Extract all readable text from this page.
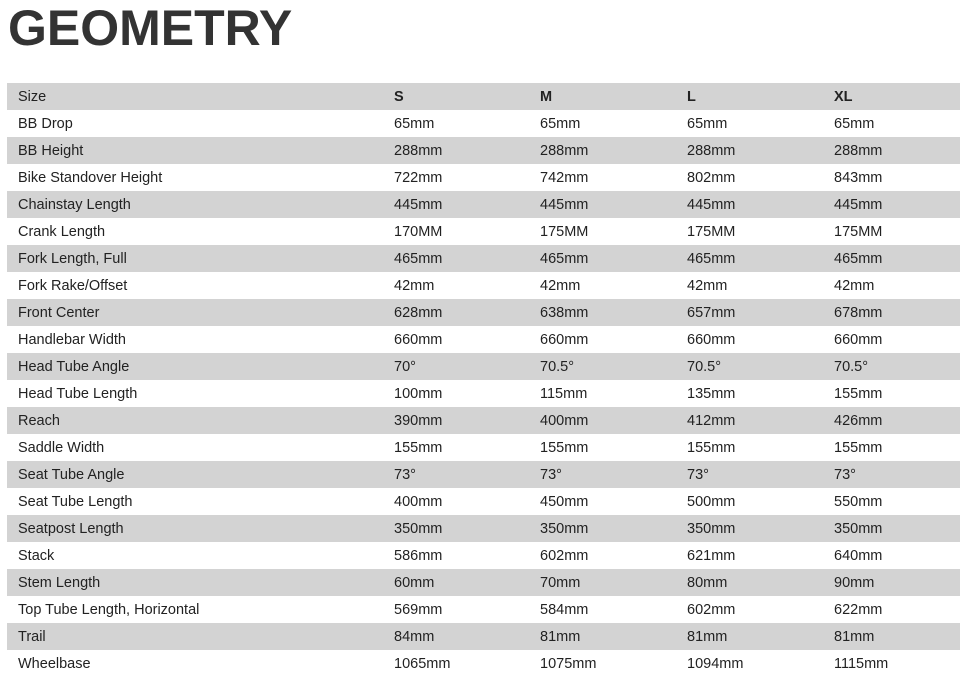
GEOMETRY
Size	S	M	L	XL
BB Drop	65mm	65mm	65mm	65mm
BB Height	288mm	288mm	288mm	288mm
Bike Standover Height	722mm	742mm	802mm	843mm
Chainstay Length	445mm	445mm	445mm	445mm
Crank Length	170MM	175MM	175MM	175MM
Fork Length, Full	465mm	465mm	465mm	465mm
Fork Rake/Offset	42mm	42mm	42mm	42mm
Front Center	628mm	638mm	657mm	678mm
Handlebar Width	660mm	660mm	660mm	660mm
Head Tube Angle	70°	70.5°	70.5°	70.5°
Head Tube Length	100mm	115mm	135mm	155mm
Reach	390mm	400mm	412mm	426mm
Saddle Width	155mm	155mm	155mm	155mm
Seat Tube Angle	73°	73°	73°	73°
Seat Tube Length	400mm	450mm	500mm	550mm
Seatpost Length	350mm	350mm	350mm	350mm
Stack	586mm	602mm	621mm	640mm
Stem Length	60mm	70mm	80mm	90mm
Top Tube Length, Horizontal	569mm	584mm	602mm	622mm
Trail	84mm	81mm	81mm	81mm
Wheelbase	1065mm	1075mm	1094mm	1115mm
